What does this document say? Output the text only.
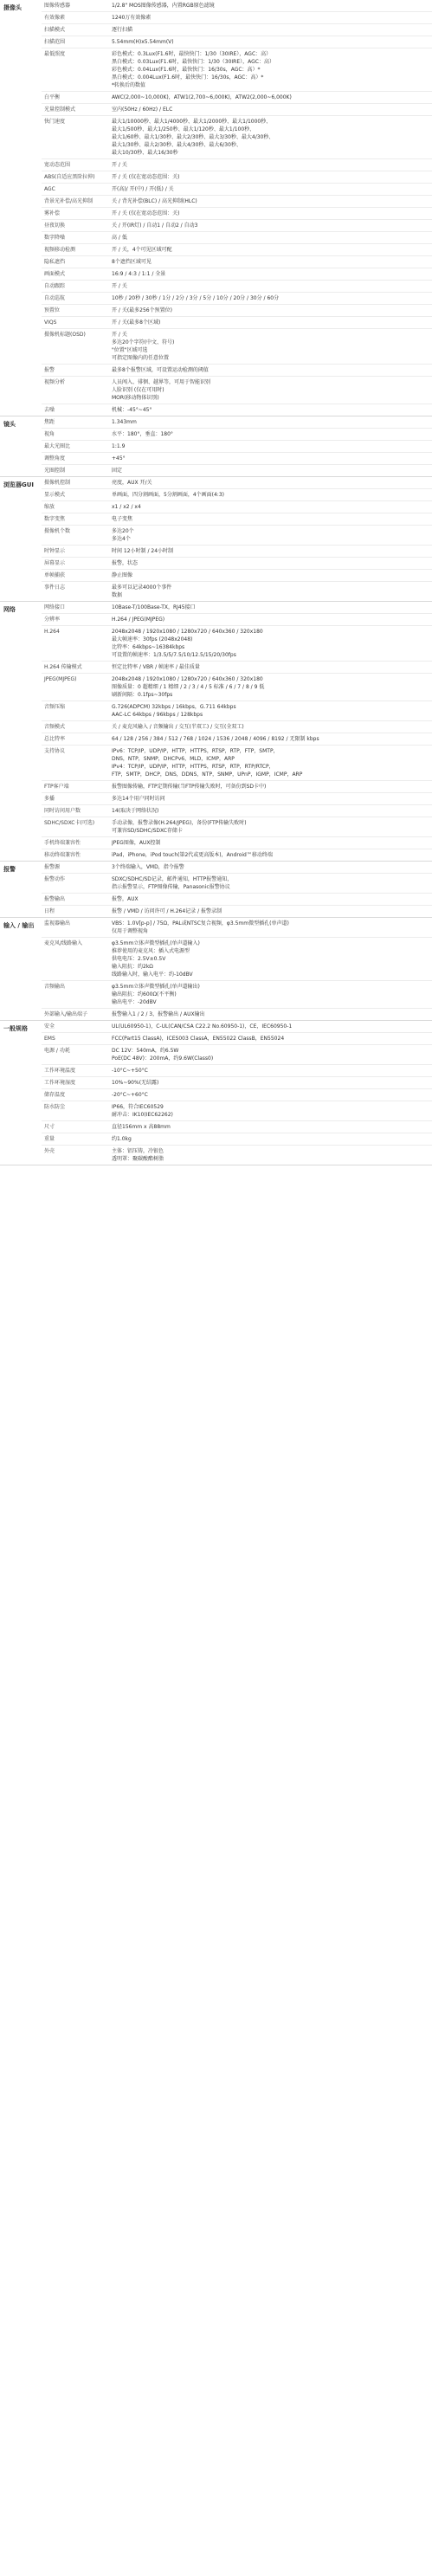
摄像头	图像传感器	1/2.8" MOS图像传感器，内置RGB原色滤镜
有效像素	1240万有效像素
扫描模式	逐行扫描
扫描范围	5.54mm(H)x5.54mm(V)
最低照度	彩色模式：0.3Lux(F1.6时，最快快门：1/30（30IRE），AGC：高）
黑白模式：0.03Lux(F1.6时，最快快门：1/30（30IRE），AGC：高）
彩色模式：0.04Lux(F1.6时，最快快门：16/30s，AGC：高）*
黑白模式：0.004Lux(F1.6时，最快快门：16/30s，AGC：高）*
*转换后的数值
白平衡	AWC(2,000~10,000K)，ATW1(2,700~6,000K)，ATW2(2,000~6,000K)
光量控制模式	室内(50Hz / 60Hz) / ELC
快门速度	最大1/10000秒、最大1/4000秒、最大1/2000秒、最大1/1000秒、
最大1/500秒、最大1/250秒、最大1/120秒、最大1/100秒、
最大1/60秒、最大1/30秒、最大2/30秒、最大3/30秒、最大4/30秒、
最大1/30秒、最大2/30秒、最大4/30秒、最大6/30秒、
最大10/30秒、最大16/30秒
宽动态范围	开 / 关
ABS(自适应黑阶拉伸)	开 / 关 (仅在宽动态范围：关)
AGC	开(高)/ 开(中) / 开(低) / 关
背景光补偿/高光抑制	关 / 背光补偿(BLC) / 高光抑制(HLC)
雾补偿	开 / 关 (仅在宽动态范围：关)
昼夜切换	关 / 开(IR灯) / 自动1 / 自动2 / 自动3
数字降噪	高 / 低
视频移动检测	开 / 关，4个可见区域可配
隐私遮挡	8个遮挡区域可见
画面模式	16:9 / 4:3 / 1:1 / 全景
自动跟踪	开 / 关
自动巡航	10秒 / 20秒 / 30秒 / 1分 / 2分 / 3分 / 5分 / 10分 / 20分 / 30分 / 60分
预置位	开 / 关(最多256个预置位)
VIQS	开 / 关(最多8个区域)
摄像机标题(OSD)	开 / 关
多达20个字符(中文、符号)
"位置"区域可选
可指定图像内的任意位置
报警	最多8个报警区域，可设置运动检测的阈值
视频分析	人员闯入、徘徊、越界等，可用于智能识别
人脸识别 (仅在可用时)
MOR(移动物体识别)
去噪	机械：-45°~45°
镜头	焦距	1.343mm
视角	水平：180°，垂直：180°
最大光圈比	1:1.9
调整角度	+45°
光圈控制	固定
浏览器GUI	摄像机控制	亮度，AUX 开/关
显示模式	单画面，四分割画面，5分割画面，4个画面(4:3)
缩放	x1 / x2 / x4
数字变焦	电子变焦
摄像机个数	多达20个
多达4个
时钟显示	时间 12小时制 / 24小时制
屏幕显示	报警，状态
单帧捕获	静止图像
事件日志	最多可以记录4000个事件
数据
网络	网络接口	10Base-T/100Base-TX，RJ45接口
分辨率	H.264 / JPEG(MJPEG)
H.264	2048x2048 / 1920x1080 / 1280x720 / 640x360 / 320x180
最大帧速率：30fps (2048x2048)
比特率：64kbps~16384kbps
可设置的帧速率：1/3.5/5/7.5/10/12.5/15/20/30fps
H.264 传输模式	恒定比特率 / VBR / 帧速率 / 最佳质量
JPEG(MJPEG)	2048x2048 / 1920x1080 / 1280x720 / 640x360 / 320x180
图像质量：0 超精细 / 1 精细 / 2 / 3 / 4 / 5 标准 / 6 / 7 / 8 / 9 低
刷新间隔：0.1fps~30fps
音频压缩	G.726(ADPCM) 32kbps / 16kbps，G.711 64kbps
AAC-LC 64kbps / 96kbps / 128kbps
音频模式	关 / 麦克风输入 / 音频输出 / 交互(半双工) / 交互(全双工)
总比特率	64 / 128 / 256 / 384 / 512 / 768 / 1024 / 1536 / 2048 / 4096 / 8192 / 无限制 kbps
支持协议	IPv6：TCP/IP，UDP/IP，HTTP，HTTPS，RTSP，RTP，FTP，SMTP，
DNS，NTP，SNMP，DHCPv6，MLD，ICMP，ARP
IPv4：TCP/IP，UDP/IP，HTTP，HTTPS，RTSP，RTP，RTP/RTCP，
FTP，SMTP，DHCP，DNS，DDNS，NTP，SNMP，UPnP，IGMP，ICMP，ARP
FTP客户端	报警图像传输，FTP定期传输(当FTP传输失败时，可备份到SD卡中)
多播	多达14个用户同时访问
同时访问用户数	14(取决于网络状况)
SDHC/SDXC卡(可选)	手动录像，报警录像(H.264/JPEG)，备份(FTP传输失败时)
可兼容SD/SDHC/SDXC存储卡
手机终端兼容性	JPEG图像，AUX控制
移动终端兼容性	iPad，iPhone，iPod touch(第2代或更高版本)，Android™移动终端
报警	报警源	3个终端输入，VMD，指令报警
报警动作	SDXC/SDHC/SD记录，邮件通知，HTTP报警通知，
指示报警显示，FTP图像传输，Panasonic报警协议
报警输出	报警，AUX
日程	报警 / VMD / 访问许可 / H.264记录 / 报警录制
输入 / 输出	监视器输出	VBS：1.0V[p-p] / 75Ω，PAL或NTSC复合视频，φ3.5mm微型插孔(单声道)
仅用于调整视角
麦克风/线路输入	φ3.5mm立体声微型插孔(单声道输入)
推荐使用的麦克风：插入式电源型
供电电压：2.5V±0.5V
输入阻抗：约2kΩ
线路输入时，输入电平：约-10dBV
音频输出	φ3.5mm立体声微型插孔(单声道输出)
输出阻抗：约600Ω(不平衡)
输出电平：-20dBV
外部输入/输出端子	报警输入1 / 2 / 3，报警输出 / AUX输出
一般规格	安全	UL(UL60950-1)，C-UL(CAN/CSA C22.2 No.60950-1)，CE，IEC60950-1
EMS	FCC(Part15 ClassA)，ICES003 ClassA，EN55022 ClassB，EN55024
电源 / 功耗	DC 12V：540mA，约6.5W
PoE(DC 48V)：200mA，约9.6W(Class0)
工作环境温度	-10°C~+50°C
工作环境湿度	10%~90%(无结露)
储存温度	-20°C~+60°C
防水防尘	IP66，符合IEC60529
耐冲击：IK10(IEC62262)
尺寸	直径156mm x 高88mm
重量	约1.0kg
外壳	主体：铝压铸，冷银色
透明罩：聚碳酸酯树脂
